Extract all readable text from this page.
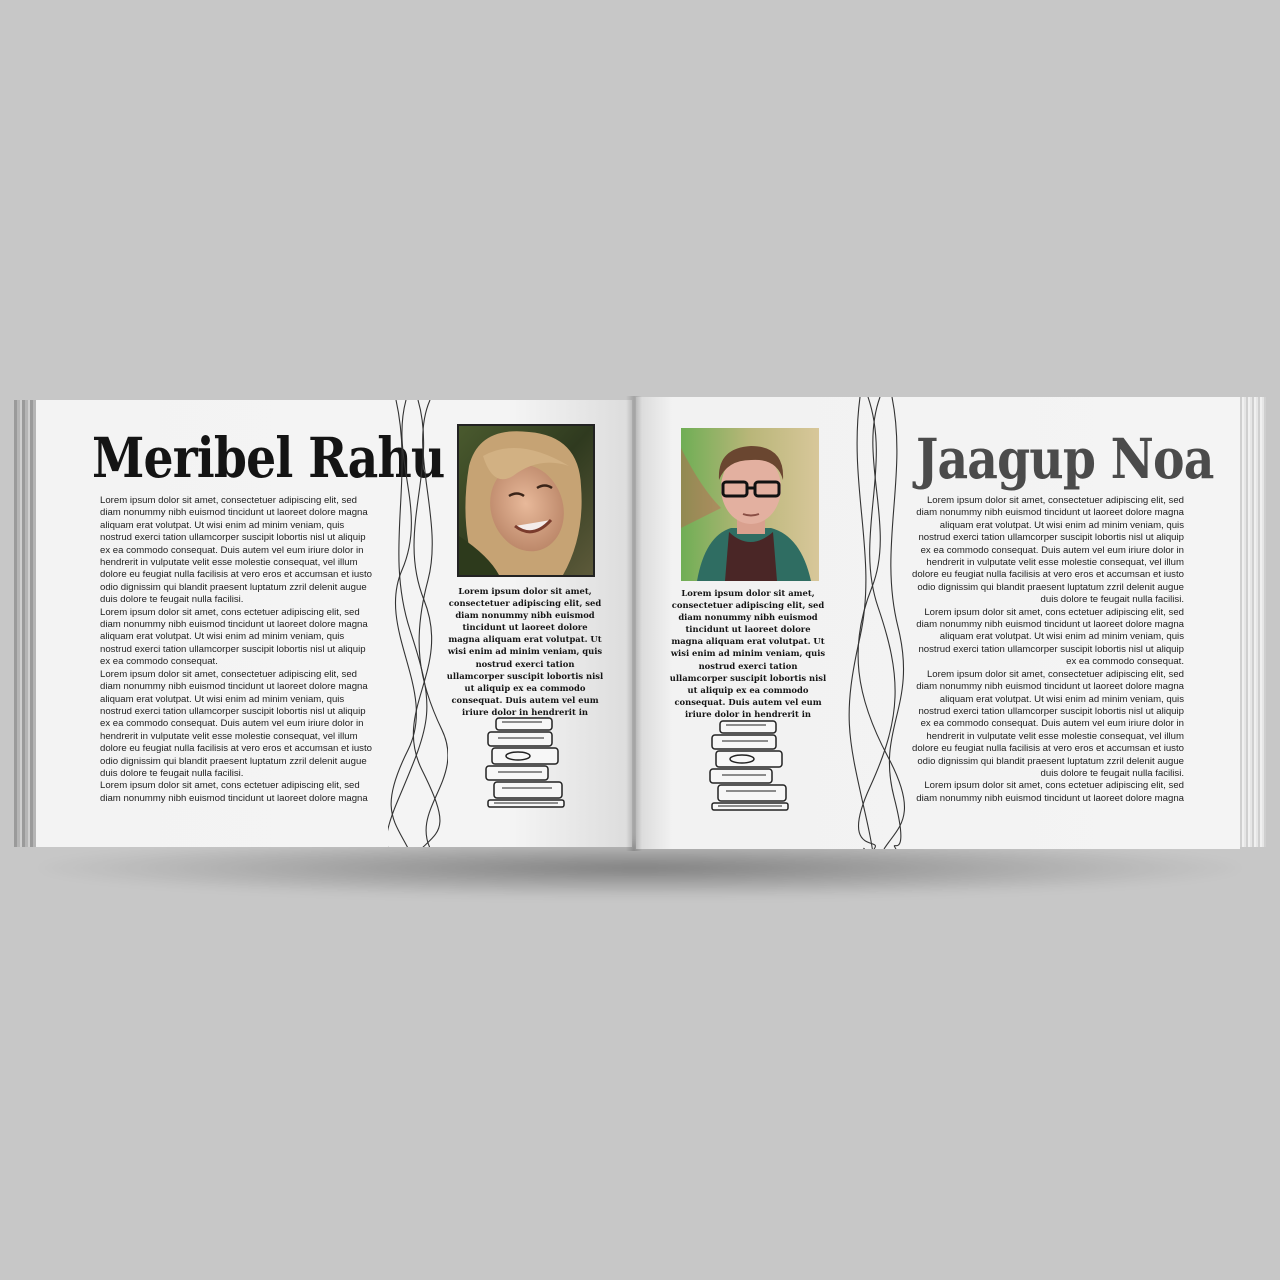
Meribel Rahu
Lorem ipsum dolor sit amet, consectetuer adipiscing elit, sed diam nonummy nibh euismod tincidunt ut laoreet dolore magna aliquam erat volutpat. Ut wisi enim ad minim veniam, quis nostrud exerci tation ullamcorper suscipit lobortis nisl ut aliquip ex ea commodo consequat. Duis autem vel eum iriure dolor in hendrerit in vulputate velit esse molestie consequat, vel illum dolore eu feugiat nulla facilisis at vero eros et accumsan et iusto odio dignissim qui blandit praesent luptatum zzril delenit augue duis dolore te feugait nulla facilisi.
Lorem ipsum dolor sit amet, cons ectetuer adipiscing elit, sed diam nonummy nibh euismod tincidunt ut laoreet dolore magna aliquam erat volutpat. Ut wisi enim ad minim veniam, quis nostrud exerci tation ullamcorper suscipit lobortis nisl ut aliquip ex ea commodo consequat.
Lorem ipsum dolor sit amet, consectetuer adipiscing elit, sed diam nonummy nibh euismod tincidunt ut laoreet dolore magna aliquam erat volutpat. Ut wisi enim ad minim veniam, quis nostrud exerci tation ullamcorper suscipit lobortis nisl ut aliquip ex ea commodo consequat. Duis autem vel eum iriure dolor in hendrerit in vulputate velit esse molestie consequat, vel illum dolore eu feugiat nulla facilisis at vero eros et accumsan et iusto odio dignissim qui blandit praesent luptatum zzril delenit augue duis dolore te feugait nulla facilisi.
Lorem ipsum dolor sit amet, cons ectetuer adipiscing elit, sed diam nonummy nibh euismod tincidunt ut laoreet dolore magna
Lorem ipsum dolor sit amet, consectetuer adipiscing elit, sed diam nonummy nibh euismod tincidunt ut laoreet dolore magna aliquam erat volutpat. Ut wisi enim ad minim veniam, quis nostrud exerci tation ullamcorper suscipit lobortis nisl ut aliquip ex ea commodo consequat. Duis autem vel eum iriure dolor in hendrerit in
Lorem ipsum dolor sit amet, consectetuer adipiscing elit, sed diam nonummy nibh euismod tincidunt ut laoreet dolore magna aliquam erat volutpat. Ut wisi enim ad minim veniam, quis nostrud exerci tation ullamcorper suscipit lobortis nisl ut aliquip ex ea commodo consequat. Duis autem vel eum iriure dolor in hendrerit in
Jaagup Noa
Lorem ipsum dolor sit amet, consectetuer adipiscing elit, sed diam nonummy nibh euismod tincidunt ut laoreet dolore magna aliquam erat volutpat. Ut wisi enim ad minim veniam, quis nostrud exerci tation ullamcorper suscipit lobortis nisl ut aliquip ex ea commodo consequat. Duis autem vel eum iriure dolor in hendrerit in vulputate velit esse molestie consequat, vel illum dolore eu feugiat nulla facilisis at vero eros et accumsan et iusto odio dignissim qui blandit praesent luptatum zzril delenit augue duis dolore te feugait nulla facilisi.
Lorem ipsum dolor sit amet, cons ectetuer adipiscing elit, sed diam nonummy nibh euismod tincidunt ut laoreet dolore magna aliquam erat volutpat. Ut wisi enim ad minim veniam, quis nostrud exerci tation ullamcorper suscipit lobortis nisl ut aliquip ex ea commodo consequat.
Lorem ipsum dolor sit amet, consectetuer adipiscing elit, sed diam nonummy nibh euismod tincidunt ut laoreet dolore magna aliquam erat volutpat. Ut wisi enim ad minim veniam, quis nostrud exerci tation ullamcorper suscipit lobortis nisl ut aliquip ex ea commodo consequat. Duis autem vel eum iriure dolor in hendrerit in vulputate velit esse molestie consequat, vel illum dolore eu feugiat nulla facilisis at vero eros et accumsan et iusto odio dignissim qui blandit praesent luptatum zzril delenit augue duis dolore te feugait nulla facilisi.
Lorem ipsum dolor sit amet, cons ectetuer adipiscing elit, sed diam nonummy nibh euismod tincidunt ut laoreet dolore magna
